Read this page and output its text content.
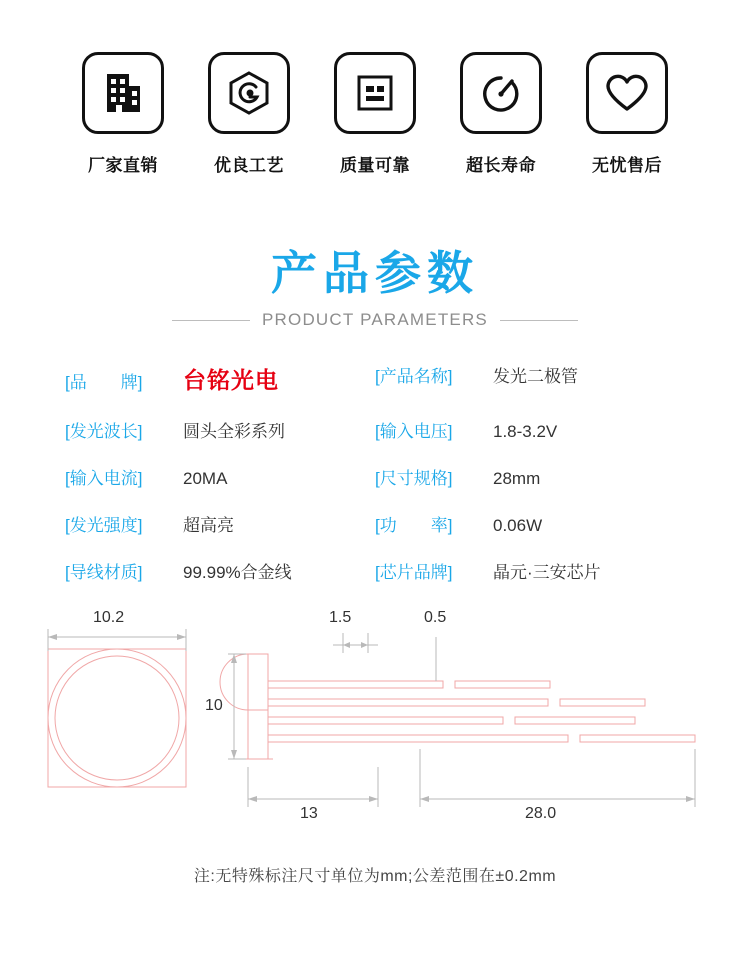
厂家直销	优良工艺	质量可靠	超长寿命	无忧售后
产品参数
PRODUCT PARAMETERS
[品　　牌]	台铭光电	[产品名称]	发光二极管
[发光波长]	圆头全彩系列	[输入电压]	1.8-3.2V
[输入电流]	20MA	[尺寸规格]	28mm
[发光强度]	超高亮	[功　　率]	0.06W
[导线材质]	99.99%合金线	[芯片品牌]	晶元·三安芯片
10.2	1.5	0.5
10
13	28.0
注:无特殊标注尺寸单位为mm;公差范围在±0.2mm
